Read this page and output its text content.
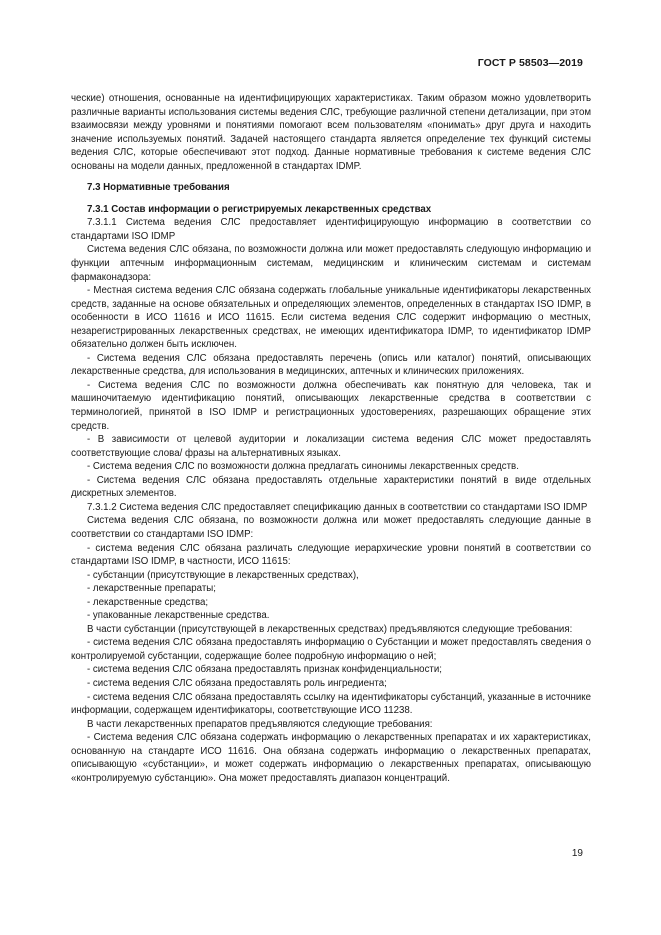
ГОСТ Р 58503—2019

ческие) отношения, основанные на идентифицирующих характеристиках. Таким образом можно удовлетворить различные варианты использования системы ведения СЛС, требующие различной степени детализации, при этом взаимосвязи между уровнями и понятиями помогают всем пользователям «понимать» друг друга и находить значение используемых понятий. Задачей настоящего стандарта является определение тех функций системы ведения СЛС, которые обеспечивают этот подход. Данные нормативные требования к системе ведения СЛС основаны на модели данных, предложенной в стандартах IDMP.

7.3 Нормативные требования

7.3.1 Состав информации о регистрируемых лекарственных средствах

7.3.1.1 Система ведения СЛС предоставляет идентифицирующую информацию в соответствии со стандартами ISO IDMP

Система ведения СЛС обязана, по возможности должна или может предоставлять следующую информацию и функции аптечным информационным системам, медицинским и клиническим системам и системам фармаконадзора:

- Местная система ведения СЛС обязана содержать глобальные уникальные идентификаторы лекарственных средств, заданные на основе обязательных и определяющих элементов, определенных в стандартах ISO IDMP, в особенности в ИСО 11616 и ИСО 11615. Если система ведения СЛС содержит информацию о местных, незарегистрированных лекарственных средствах, не имеющих идентификатора IDMP, то идентификатор IDMP обязательно должен быть исключен.

- Система ведения СЛС обязана предоставлять перечень (опись или каталог) понятий, описывающих лекарственные средства, для использования в медицинских, аптечных и клинических приложениях.

- Система ведения СЛС по возможности должна обеспечивать как понятную для человека, так и машиночитаемую идентификацию понятий, описывающих лекарственные средства в соответствии с терминологией, принятой в ISO IDMP и регистрационных удостоверениях, разрешающих обращение этих средств.

- В зависимости от целевой аудитории и локализации система ведения СЛС может предоставлять соответствующие слова/ фразы на альтернативных языках.

- Система ведения СЛС по возможности должна предлагать синонимы лекарственных средств.

- Система ведения СЛС обязана предоставлять отдельные характеристики понятий в виде отдельных дискретных элементов.

7.3.1.2 Система ведения СЛС предоставляет спецификацию данных в соответствии со стандартами ISO IDMP

Система ведения СЛС обязана, по возможности должна или может предоставлять следующие данные в соответствии со стандартами ISO IDMP:

- система ведения СЛС обязана различать следующие иерархические уровни понятий в соответствии со стандартами ISO IDMP, в частности, ИСО 11615:

- субстанции (присутствующие в лекарственных средствах),

- лекарственные препараты;

- лекарственные средства;

- упакованные лекарственные средства.

В части субстанции (присутствующей в лекарственных средствах) предъявляются следующие требования:

- система ведения СЛС обязана предоставлять информацию о Субстанции и может предоставлять сведения о контролируемой субстанции, содержащие более подробную информацию о ней;

- система ведения СЛС обязана предоставлять признак конфиденциальности;

- система ведения СЛС обязана предоставлять роль ингредиента;

- система ведения СЛС обязана предоставлять ссылку на идентификаторы субстанций, указанные в источнике информации, содержащем идентификаторы, соответствующие ИСО 11238.

В части лекарственных препаратов предъявляются следующие требования:

- Система ведения СЛС обязана содержать информацию о лекарственных препаратах и их характеристиках, основанную на стандарте ИСО 11616. Она обязана содержать информацию о лекарственных препаратах, описывающую «субстанции», и может содержать информацию о лекарственных препаратах, описывающую «контролируемую субстанцию». Она может предоставлять диапазон концентраций.

19
